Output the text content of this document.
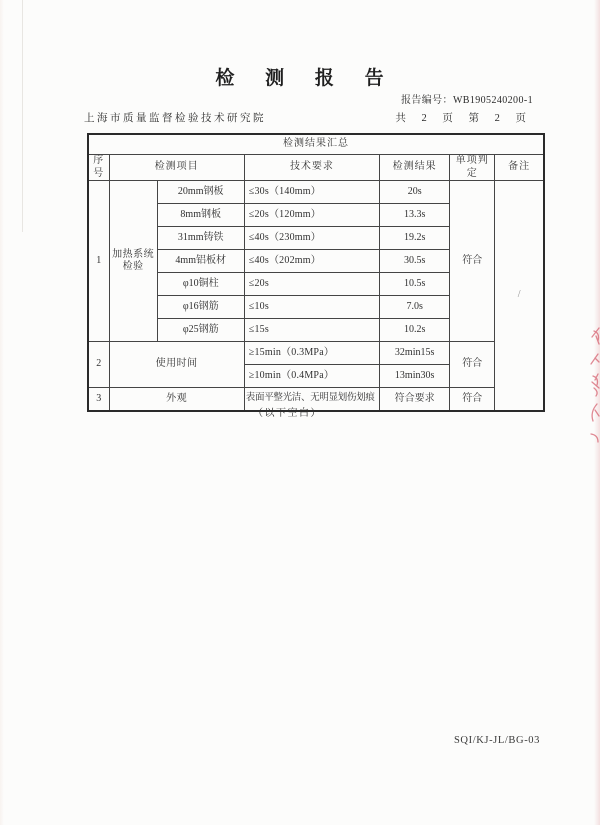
检 测 报 告
报告编号：WB1905240200-1
上海市质量监督检验技术研究院	共 2 页 第 2 页
检测结果汇总						
序号	检测项目		技术要求	检测结果	单项判定	备注
1	加热系统检验	20mm钢板	≤30s（140mm）	20s	符合	/
		8mm钢板	≤20s（120mm）	13.3s		
		31mm铸铁	≤40s（230mm）	19.2s		
		4mm铝板材	≤40s（202mm）	30.5s		
		φ10铜柱	≤20s	10.5s		
		φ16钢筋	≤10s	7.0s		
		φ25钢筋	≤15s	10.2s		
2	使用时间		≥15min（0.3MPa）	32min15s	符合	
			≥10min（0.4MPa）	13min30s		
3	外观		表面平整光洁、无明显划伤划痕	符合要求	符合	
（以下空白）
SQI/KJ-JL/BG-03
